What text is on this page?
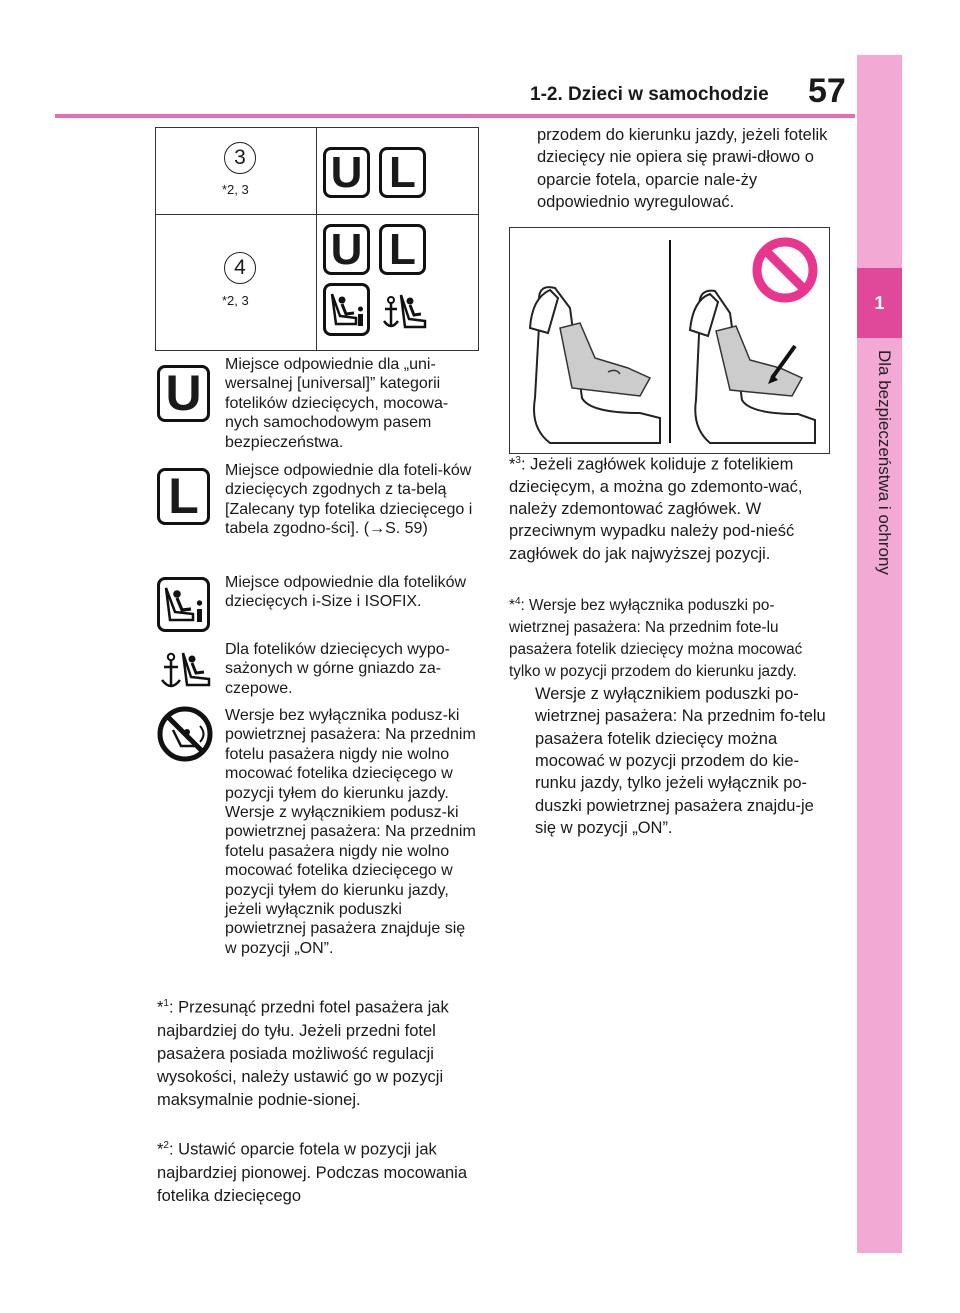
1-2. Dzieci w samochodzie 57
1
Dla bezpieczeństwa i ochrony
3
*2, 3 U L
4
*2, 3
U L
U
Miejsce odpowiednie dla „uni-wersalnej [universal]” kategorii fotelików dziecięcych, mocowa-nych samochodowym pasem bezpieczeństwa.
L	Miejsce odpowiednie dla foteli-ków dziecięcych zgodnych z ta-belą [Zalecany typ fotelika dziecięcego i tabela zgodno-ści]. (→S. 59)
Miejsce odpowiednie dla fotelików dziecięcych i-Size i ISOFIX.
Dla fotelików dziecięcych wypo-sażonych w górne gniazdo za-czepowe.
Wersje bez wyłącznika podusz-ki powietrznej pasażera: Na przednim fotelu pasażera nigdy nie wolno mocować fotelika dziecięcego w pozycji tyłem do kierunku jazdy.
Wersje z wyłącznikiem podusz-ki powietrznej pasażera: Na przednim fotelu pasażera nigdy nie wolno mocować fotelika dziecięcego w pozycji tyłem do kierunku jazdy, jeżeli wyłącznik poduszki powietrznej pasażera znajduje się w pozycji „ON”.
*$^1$: Przesunąć przedni fotel pasażera jak najbardziej do tyłu. Jeżeli przedni fotel pasażera posiada możliwość regulacji wysokości, należy ustawić go w pozycji maksymalnie podnie-sionej.
*$^2$: Ustawić oparcie fotela w pozycji jak najbardziej pionowej. Podczas mocowania fotelika dziecięcego
przodem do kierunku jazdy, jeżeli fotelik dziecięcy nie opiera się prawi-dłowo o oparcie fotela, oparcie nale-ży odpowiednio wyregulować.
*$^3$: Jeżeli zagłówek koliduje z fotelikiem dziecięcym, a można go zdemonto-wać, należy zdemontować zagłówek. W przeciwnym wypadku należy pod-nieść zagłówek do jak najwyższej pozycji.
*$^4$: Wersje bez wyłącznika poduszki po-wietrznej pasażera: Na przednim fote-lu pasażera fotelik dziecięcy można mocować tylko w pozycji przodem do kierunku jazdy.
Wersje z wyłącznikiem poduszki po-wietrznej pasażera: Na przednim fo-telu pasażera fotelik dziecięcy można mocować w pozycji przodem do kie-runku jazdy, tylko jeżeli wyłącznik po-duszki powietrznej pasażera znajdu-je się w pozycji „ON”.
